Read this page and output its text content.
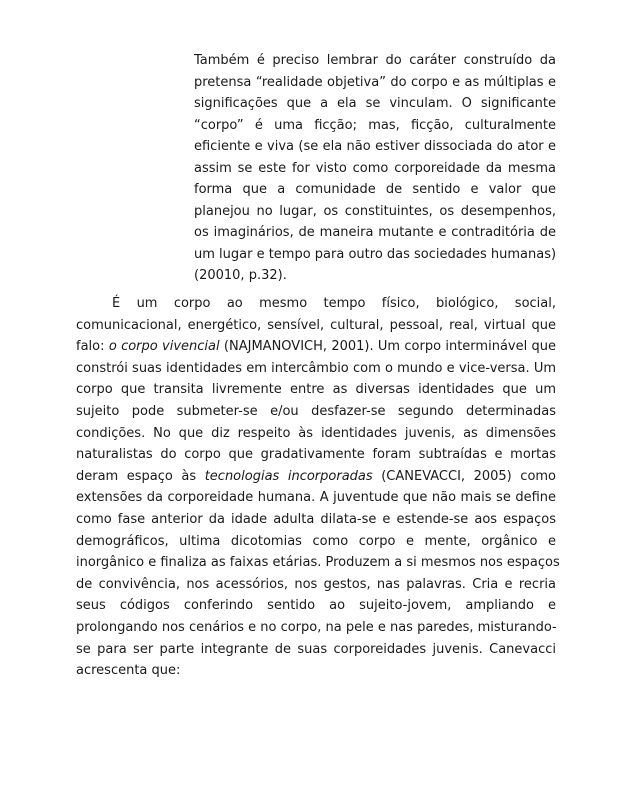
Também é preciso lembrar do caráter construído da
pretensa “realidade objetiva” do corpo e as múltiplas e
significações que a ela se vinculam. O significante
“corpo” é uma ficção; mas, ficção, culturalmente
eficiente e viva (se ela não estiver dissociada do ator e
assim se este for visto como corporeidade da mesma
forma que a comunidade de sentido e valor que
planejou no lugar, os constituintes, os desempenhos,
os imaginários, de maneira mutante e contraditória de
um lugar e tempo para outro das sociedades humanas)
(20010, p.32).
É um corpo ao mesmo tempo físico, biológico, social,
comunicacional, energético, sensível, cultural, pessoal, real, virtual que
falo: o corpo vivencial (NAJMANOVICH, 2001). Um corpo interminável que
constrói suas identidades em intercâmbio com o mundo e vice-versa. Um
corpo que transita livremente entre as diversas identidades que um
sujeito pode submeter-se e/ou desfazer-se segundo determinadas
condições. No que diz respeito às identidades juvenis, as dimensões
naturalistas do corpo que gradativamente foram subtraídas e mortas
deram espaço às tecnologias incorporadas (CANEVACCI, 2005) como
extensões da corporeidade humana. A juventude que não mais se define
como fase anterior da idade adulta dilata-se e estende-se aos espaços
demográficos, ultima dicotomias como corpo e mente, orgânico e
inorgânico e finaliza as faixas etárias. Produzem a si mesmos nos espaços
de convivência, nos acessórios, nos gestos, nas palavras. Cria e recria
seus códigos conferindo sentido ao sujeito-jovem, ampliando e
prolongando nos cenários e no corpo, na pele e nas paredes, misturando-
se para ser parte integrante de suas corporeidades juvenis. Canevacci
acrescenta que:
